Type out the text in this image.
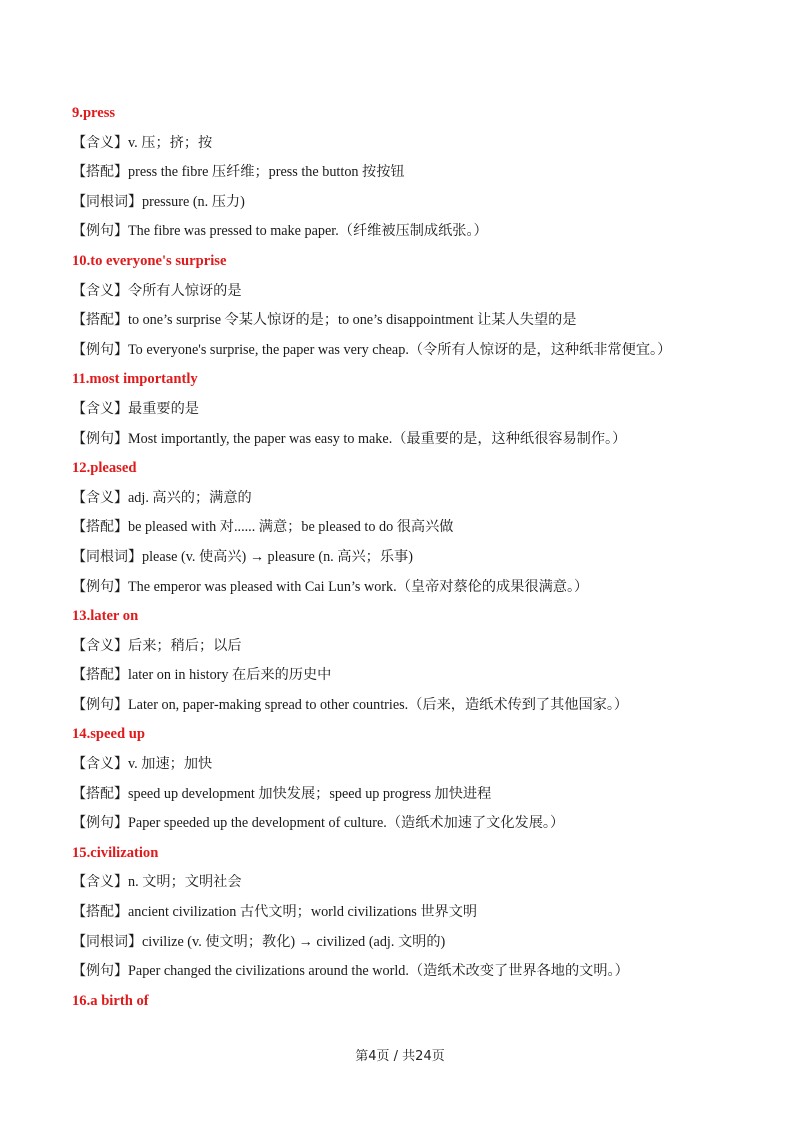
9.press
【含义】v. 压；挤；按
【搭配】press the fibre 压纤维；press the button 按按钮
【同根词】pressure (n. 压力)
【例句】The fibre was pressed to make paper.（纤维被压制成纸张。）
10.to everyone's surprise
【含义】令所有人惊讶的是
【搭配】to one’s surprise 令某人惊讶的是；to one’s disappointment 让某人失望的是
【例句】To everyone's surprise, the paper was very cheap.（令所有人惊讶的是，这种纸非常便宜。）
11.most importantly
【含义】最重要的是
【例句】Most importantly, the paper was easy to make.（最重要的是，这种纸很容易制作。）
12.pleased
【含义】adj. 高兴的；满意的
【搭配】be pleased with 对...... 满意；be pleased to do 很高兴做
【同根词】please (v. 使高兴) → pleasure (n. 高兴；乐事)
【例句】The emperor was pleased with Cai Lun’s work.（皇帝对蔡伦的成果很满意。）
13.later on
【含义】后来；稍后；以后
【搭配】later on in history 在后来的历史中
【例句】Later on, paper-making spread to other countries.（后来，造纸术传到了其他国家。）
14.speed up
【含义】v. 加速；加快
【搭配】speed up development 加快发展；speed up progress 加快进程
【例句】Paper speeded up the development of culture.（造纸术加速了文化发展。）
15.civilization
【含义】n. 文明；文明社会
【搭配】ancient civilization 古代文明；world civilizations 世界文明
【同根词】civilize (v. 使文明；教化) → civilized (adj. 文明的)
【例句】Paper changed the civilizations around the world.（造纸术改变了世界各地的文明。）
16.a birth of
第4页 / 共24页
